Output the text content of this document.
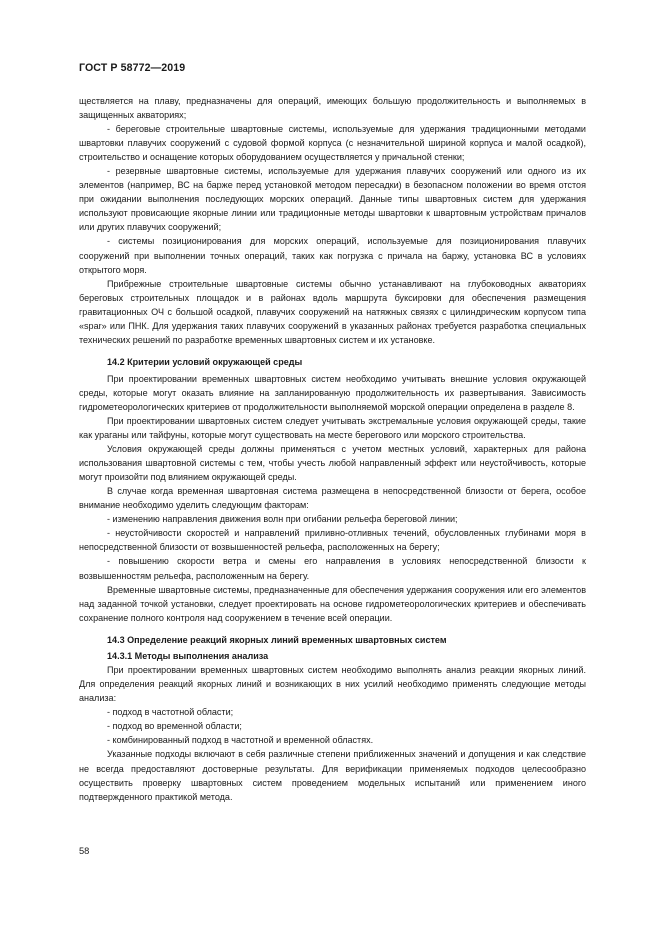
ГОСТ Р 58772—2019

ществляется на плаву, предназначены для операций, имеющих большую продолжительность и выполняемых в защищенных акваториях;

- береговые строительные швартовные системы, используемые для удержания традиционными методами швартовки плавучих сооружений с судовой формой корпуса (с незначительной шириной корпуса и малой осадкой), строительство и оснащение которых оборудованием осуществляется у причальной стенки;

- резервные швартовные системы, используемые для удержания плавучих сооружений или одного из их элементов (например, ВС на барже перед установкой методом пересадки) в безопасном положении во время отстоя при ожидании выполнения последующих морских операций. Данные типы швартовных систем для удержания используют провисающие якорные линии или традиционные методы швартовки к швартовным устройствам причалов или других плавучих сооружений;

- системы позиционирования для морских операций, используемые для позиционирования плавучих сооружений при выполнении точных операций, таких как погрузка с причала на баржу, установка ВС в условиях открытого моря.

Прибрежные строительные швартовные системы обычно устанавливают на глубоководных акваториях береговых строительных площадок и в районах вдоль маршрута буксировки для обеспечения размещения гравитационных ОЧ с большой осадкой, плавучих сооружений на натяжных связях с цилиндрическим корпусом типа «spar» или ПНК. Для удержания таких плавучих сооружений в указанных районах требуется разработка специальных технических решений по разработке временных швартовных систем и их установке.

14.2 Критерии условий окружающей среды

При проектировании временных швартовных систем необходимо учитывать внешние условия окружающей среды, которые могут оказать влияние на запланированную продолжительность их развертывания. Зависимость гидрометеорологических критериев от продолжительности выполняемой морской операции определена в разделе 8.

При проектировании швартовных систем следует учитывать экстремальные условия окружающей среды, такие как ураганы или тайфуны, которые могут существовать на месте берегового или морского строительства.

Условия окружающей среды должны применяться с учетом местных условий, характерных для района использования швартовной системы с тем, чтобы учесть любой направленный эффект или неустойчивость, которые могут произойти под влиянием окружающей среды.

В случае когда временная швартовная система размещена в непосредственной близости от берега, особое внимание необходимо уделить следующим факторам:

- изменению направления движения волн при огибании рельефа береговой линии;

- неустойчивости скоростей и направлений приливно-отливных течений, обусловленных глубинами моря в непосредственной близости от возвышенностей рельефа, расположенных на берегу;

- повышению скорости ветра и смены его направления в условиях непосредственной близости к возвышенностям рельефа, расположенным на берегу.

Временные швартовные системы, предназначенные для обеспечения удержания сооружения или его элементов над заданной точкой установки, следует проектировать на основе гидрометеорологических критериев и обеспечивать сохранение полного контроля над сооружением в течение всей операции.

14.3 Определение реакций якорных линий временных швартовных систем

14.3.1 Методы выполнения анализа

При проектировании временных швартовных систем необходимо выполнять анализ реакции якорных линий. Для определения реакций якорных линий и возникающих в них усилий необходимо применять следующие методы анализа:

- подход в частотной области;

- подход во временной области;

- комбинированный подход в частотной и временной областях.

Указанные подходы включают в себя различные степени приближенных значений и допущения и как следствие не всегда предоставляют достоверные результаты. Для верификации применяемых подходов целесообразно осуществить проверку швартовных систем проведением модельных испытаний или применением иного подтвержденного практикой метода.

58
